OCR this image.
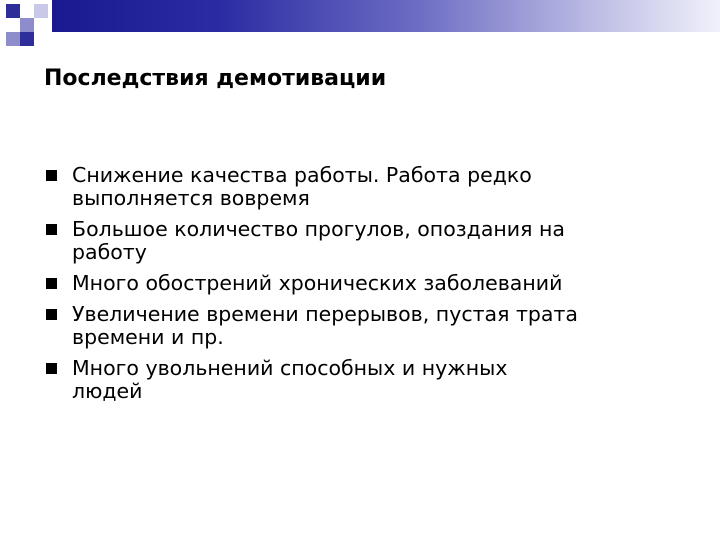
Последствия демотивации
Снижение качества работы. Работа редко
выполняется вовремя
Большое количество прогулов, опоздания на
работу
Много обострений хронических заболеваний
Увеличение времени перерывов, пустая трата
времени и пр.
Много увольнений способных и нужных
людей
